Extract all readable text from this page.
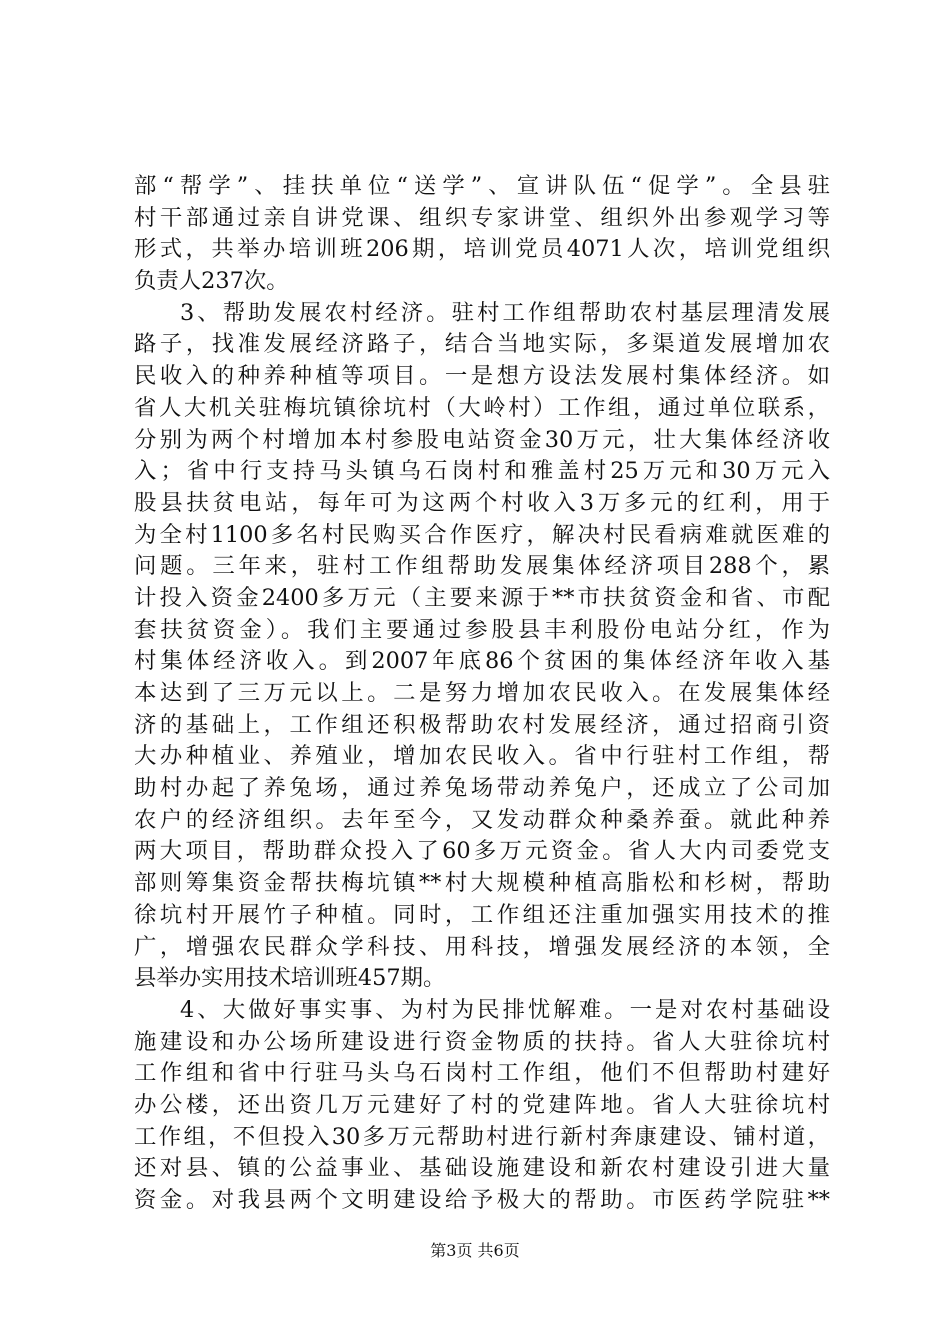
部“帮学”、挂扶单位“送学”、宣讲队伍“促学”。全县驻
村干部通过亲自讲党课、组织专家讲堂、组织外出参观学习等
形式，共举办培训班206期，培训党员4071人次，培训党组织
负责人237次。
3、帮助发展农村经济。驻村工作组帮助农村基层理清发展
路子，找准发展经济路子，结合当地实际，多渠道发展增加农
民收入的种养种植等项目。一是想方设法发展村集体经济。如
省人大机关驻梅坑镇徐坑村（大岭村）工作组，通过单位联系，
分别为两个村增加本村参股电站资金30万元，壮大集体经济收
入；省中行支持马头镇乌石岗村和雅盖村25万元和30万元入
股县扶贫电站，每年可为这两个村收入3万多元的红利，用于
为全村1100多名村民购买合作医疗，解决村民看病难就医难的
问题。三年来，驻村工作组帮助发展集体经济项目288个，累
计投入资金2400多万元（主要来源于**市扶贫资金和省、市配
套扶贫资金）。我们主要通过参股县丰利股份电站分红，作为
村集体经济收入。到2007年底86个贫困的集体经济年收入基
本达到了三万元以上。二是努力增加农民收入。在发展集体经
济的基础上，工作组还积极帮助农村发展经济，通过招商引资
大办种植业、养殖业，增加农民收入。省中行驻村工作组，帮
助村办起了养兔场，通过养兔场带动养兔户，还成立了公司加
农户的经济组织。去年至今，又发动群众种桑养蚕。就此种养
两大项目，帮助群众投入了60多万元资金。省人大内司委党支
部则筹集资金帮扶梅坑镇**村大规模种植高脂松和杉树，帮助
徐坑村开展竹子种植。同时，工作组还注重加强实用技术的推
广，增强农民群众学科技、用科技，增强发展经济的本领，全
县举办实用技术培训班457期。
4、大做好事实事、为村为民排忧解难。一是对农村基础设
施建设和办公场所建设进行资金物质的扶持。省人大驻徐坑村
工作组和省中行驻马头乌石岗村工作组，他们不但帮助村建好
办公楼，还出资几万元建好了村的党建阵地。省人大驻徐坑村
工作组，不但投入30多万元帮助村进行新村奔康建设、铺村道，
还对县、镇的公益事业、基础设施建设和新农村建设引进大量
资金。对我县两个文明建设给予极大的帮助。市医药学院驻**
第3页 共6页
